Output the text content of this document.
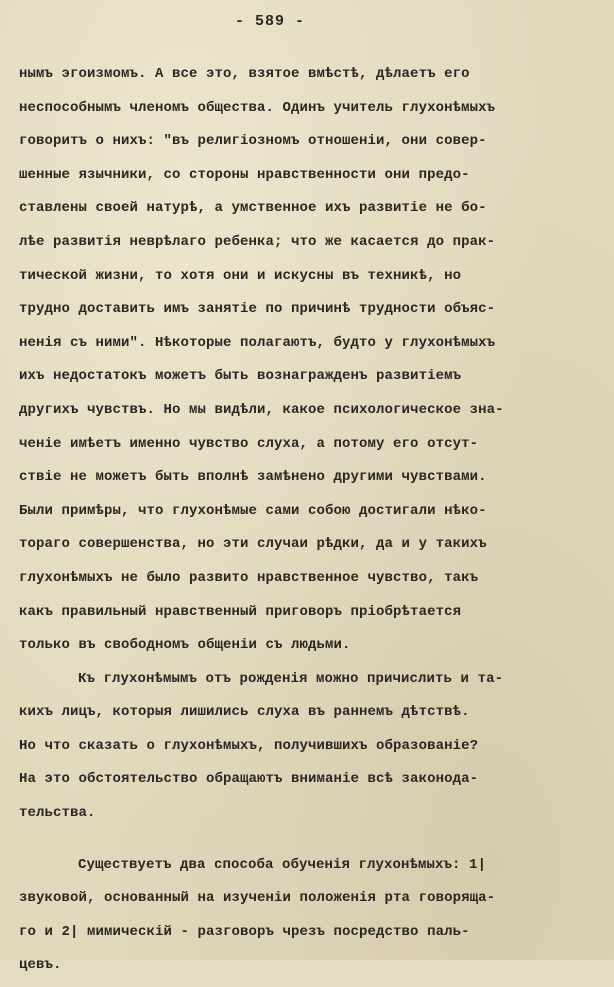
- 589 -
нымъ эгоизмомъ. А все это, взятое вмѣстѣ, дѣлаетъ его
неспособнымъ членомъ общества. Одинъ учитель глухонѣмыхъ
говоритъ о нихъ: "въ религіозномъ отношеніи, они совер-
шенные язычники, со стороны нравственности они предо-
ставлены своей натурѣ, а умственное ихъ развитіе не бо-
лѣе развитія неврѣлаго ребенка; что же касается до прак-
тической жизни, то хотя они и искусны въ техникѣ, но
трудно доставить имъ занятіе по причинѣ трудности объяс-
ненія съ ними". Нѣкоторые полагаютъ, будто у глухонѣмыхъ
ихъ недостатокъ можетъ быть вознагражденъ развитіемъ
другихъ чувствъ. Но мы видѣли, какое психологическое зна-
ченіе имѣетъ именно чувство слуха, а потому его отсут-
ствіе не можетъ быть вполнѣ замѣнено другими чувствами.
Были примѣры, что глухонѣмые сами собою достигали нѣко-
тораго совершенства, но эти случаи рѣдки, да и у такихъ
глухонѣмыхъ не было развито нравственное чувство, такъ
какъ правильный нравственный приговоръ пріобрѣтается
только въ свободномъ общеніи съ людьми.
Къ глухонѣмымъ отъ рожденія можно причислить и та-
кихъ лицъ, которыя лишились слуха въ раннемъ дѣтствѣ.
Но что сказать о глухонѣмыхъ, получившихъ образованіе?
На это обстоятельство обращаютъ вниманіе всѣ законода-
тельства.
Существуетъ два способа обученія глухонѣмыхъ: 1|
звуковой, основанный на изученіи положенія рта говоряща-
го и 2| мимическій - разговоръ чрезъ посредство паль-
цевъ.
